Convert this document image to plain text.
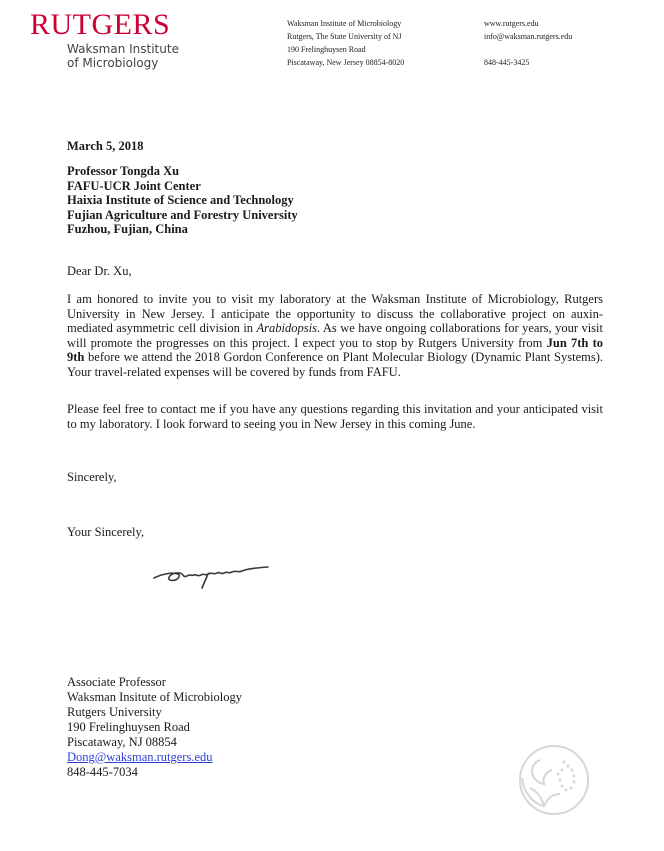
RUTGERS
Waksman Institute
of Microbiology
Waksman Institute of Microbiology
Rutgers, The State University of NJ
190 Frelinghuysen Road
Piscataway, New Jersey 08854-8020
www.rutgers.edu
info@waksman.rutgers.edu
848-445-3425
March 5, 2018
Professor Tongda Xu
FAFU-UCR Joint Center
Haixia Institute of Science and Technology
Fujian Agriculture and Forestry University
Fuzhou, Fujian, China
Dear Dr. Xu,
I am honored to invite you to visit my laboratory at the Waksman Institute of Microbiology, Rutgers University in New Jersey. I anticipate the opportunity to discuss the collaborative project on auxin-mediated asymmetric cell division in Arabidopsis. As we have ongoing collaborations for years, your visit will promote the progresses on this project. I expect you to stop by Rutgers University from Jun 7th to 9th before we attend the 2018 Gordon Conference on Plant Molecular Biology (Dynamic Plant Systems). Your travel-related expenses will be covered by funds from FAFU.
Please feel free to contact me if you have any questions regarding this invitation and your anticipated visit to my laboratory. I look forward to seeing you in New Jersey in this coming June.
Sincerely,
Your Sincerely,
Associate Professor
Waksman Insitute of Microbiology
Rutgers University
190 Frelinghuysen Road
Piscataway, NJ 08854
Dong@waksman.rutgers.edu
848-445-7034
